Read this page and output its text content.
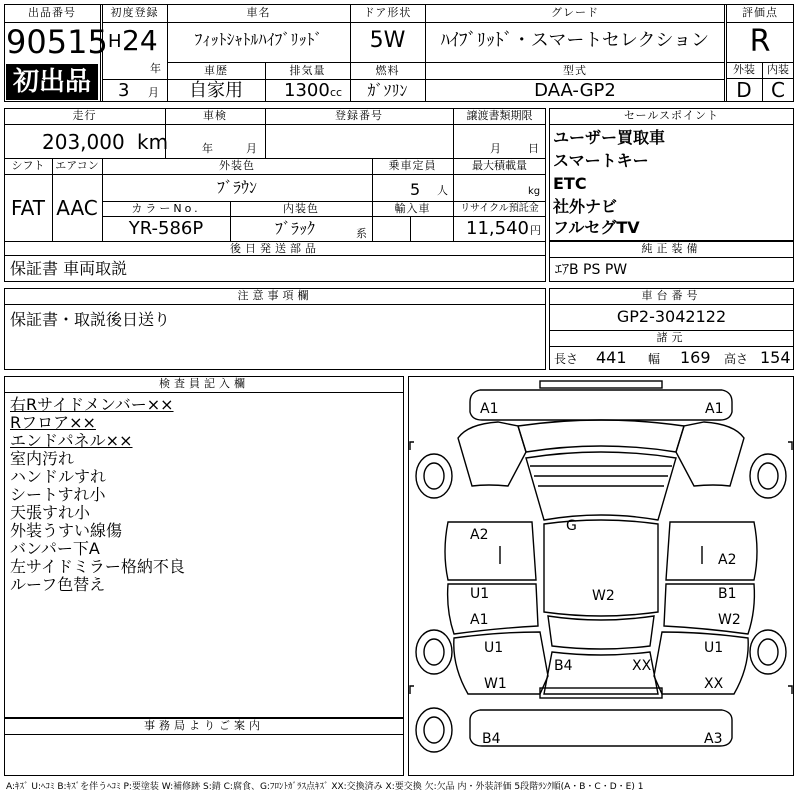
出品番号
90515
初出品
初度登録
H 24
年
3 月
車名
ﾌｨｯﾄｼｬﾄﾙﾊｲﾌﾞﾘｯﾄﾞ
ドア形状
5W
グレード
ﾊｲﾌﾞﾘｯﾄﾞ・スマートセレクション
評価点
R
車歴
自家用
排気量
1300 cc
燃料
ｶﾞｿﾘﾝ
型式
DAA-GP2
外装	内装
D C
走行
203,000 km
車検
年	月
登録番号	譲渡書類期限
月 日
シフト
FAT
エアコン
AAC
外装色
ﾌﾞﾗｳﾝ
乗車定員
5 人
最大積載量
kg
カラーNo.
YR-586P
内装色
ﾌﾞﾗｯｸ	系
輸入車	リサイクル預託金
11,540 円
後日発送部品
保証書 車両取説
セールスポイント
ユーザー買取車
スマートキー
ETC
社外ナビ
フルセグTV
純正装備
ｴｱB PS PW
注意事項欄
保証書・取説後日送り
車台番号
GP2-3042122
諸元
長さ 441 幅 169 高さ 154
検査員記入欄
右Rサイドメンバー××
Rフロア××
エンドパネル××
室内汚れ
ハンドルすれ
シートすれ小
天張すれ小
外装うすい線傷
バンパー下A
左サイドミラー格納不良
ルーフ色替え
事務局よりご案内
A1	A1
A2
G
A2
U1	W2	B1
A1	W2
U1	U1
B4	XX
W1	XX
B4	A3
A:ｷｽﾞ U:ﾍｺﾐ B:ｷｽﾞを伴うﾍｺﾐ P:要塗装 W:補修跡 S:錆 C:腐食、G:ﾌﾛﾝﾄｶﾞﾗｽ点ｷｽﾞ XX:交換済み X:要交換 欠:欠品 内・外装評価 5段階ﾗﾝｸ順(A・B・C・D・E) 1
